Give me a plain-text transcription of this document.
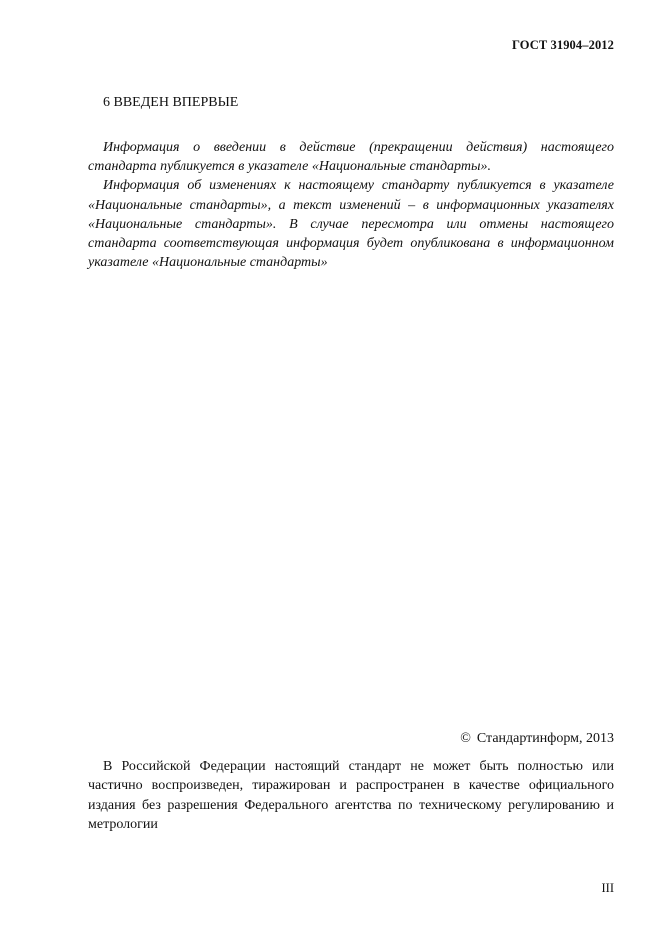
ГОСТ 31904–2012
6 ВВЕДЕН ВПЕРВЫЕ

Информация о введении в действие (прекращении действия) настоящего стандарта публикуется в указателе «Национальные стандарты».

Информация об изменениях к настоящему стандарту публикуется в указателе «Национальные стандарты», а текст изменений – в информационных указателях «Национальные стандарты». В случае пересмотра или отмены настоящего стандарта соответствующая информация будет опубликована в информационном указателе «Национальные стандарты»

© Стандартинформ, 2013

В Российской Федерации настоящий стандарт не может быть полностью или частично воспроизведен, тиражирован и распространен в качестве официального издания без разрешения Федерального агентства по техническому регулированию и метрологии

III
